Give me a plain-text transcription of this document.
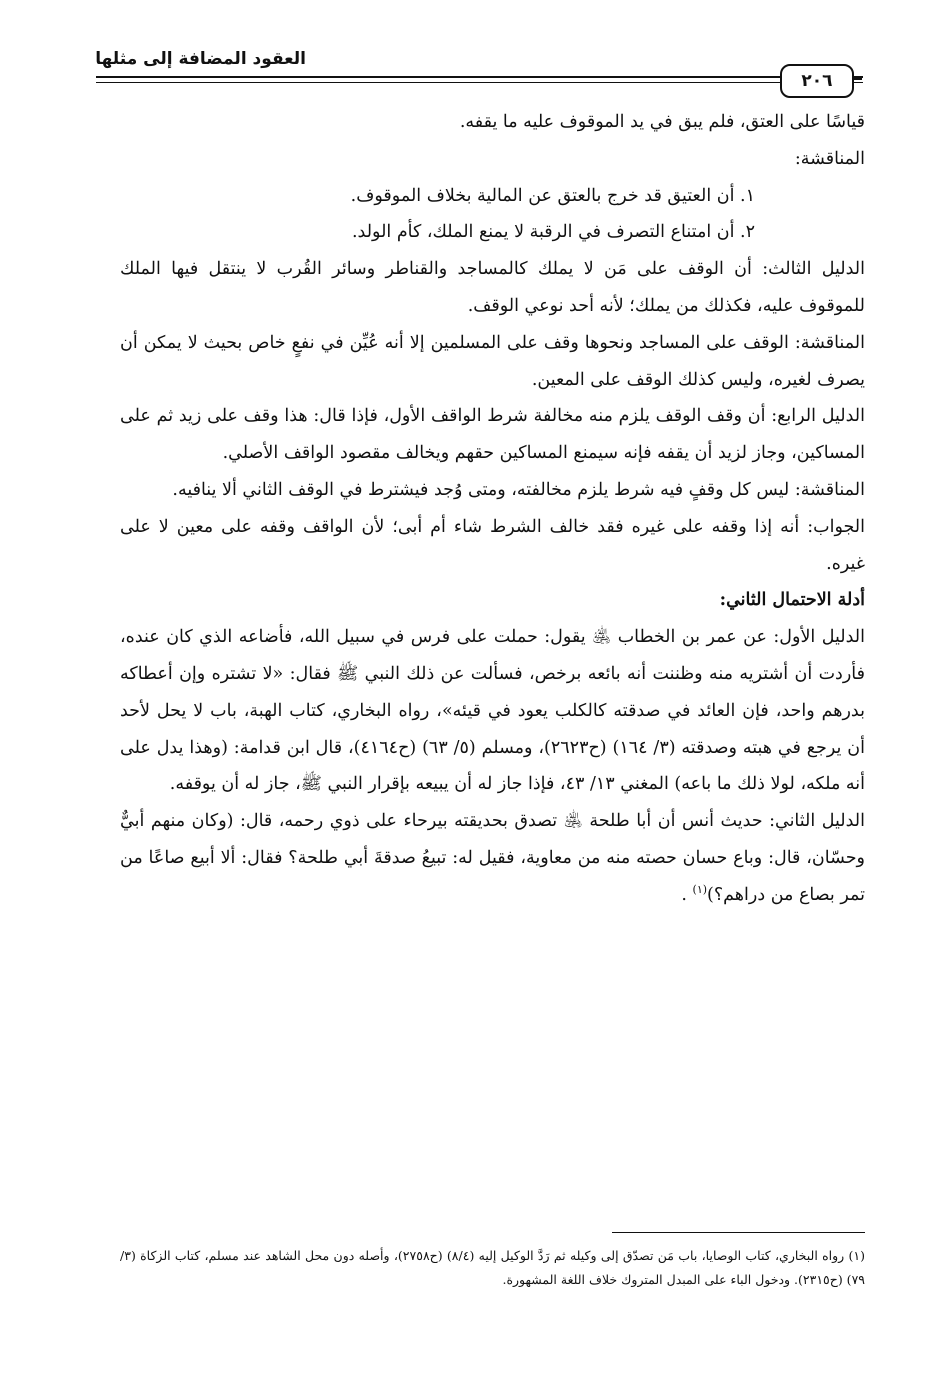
العقود المضافة إلى مثلها
٢٠٦

قياسًا على العتق، فلم يبق في يد الموقوف عليه ما يقفه.

المناقشة:

١. أن العتيق قد خرج بالعتق عن المالية بخلاف الموقوف.

٢. أن امتناع التصرف في الرقبة لا يمنع الملك، كأم الولد.

الدليل الثالث: أن الوقف على مَن لا يملك كالمساجد والقناطر وسائر القُرب لا ينتقل فيها الملك للموقوف عليه، فكذلك من يملك؛ لأنه أحد نوعي الوقف.

المناقشة: الوقف على المساجد ونحوها وقف على المسلمين إلا أنه عُيِّن في نفعٍ خاص بحيث لا يمكن أن يصرف لغيره، وليس كذلك الوقف على المعين.

الدليل الرابع: أن وقف الوقف يلزم منه مخالفة شرط الواقف الأول، فإذا قال: هذا وقف على زيد ثم على المساكين، وجاز لزيد أن يقفه فإنه سيمنع المساكين حقهم ويخالف مقصود الواقف الأصلي.

المناقشة: ليس كل وقفٍ فيه شرط يلزم مخالفته، ومتى وُجد فيشترط في الوقف الثاني ألا ينافيه.

الجواب: أنه إذا وقفه على غيره فقد خالف الشرط شاء أم أبى؛ لأن الواقف وقفه على معين لا على غيره.

أدلة الاحتمال الثاني:

الدليل الأول: عن عمر بن الخطاب ﵁ يقول: حملت على فرس في سبيل الله، فأضاعه الذي كان عنده، فأردت أن أشتريه منه وظننت أنه بائعه برخص، فسألت عن ذلك النبي ﷺ فقال: «لا تشتره وإن أعطاكه بدرهم واحد، فإن العائد في صدقته كالكلب يعود في قيئه»، رواه البخاري، كتاب الهبة، باب لا يحل لأحد أن يرجع في هبته وصدقته (٣/ ١٦٤) (ح٢٦٢٣)، ومسلم (٥/ ٦٣) (ح٤١٦٤)، قال ابن قدامة: (وهذا يدل على أنه ملكه، لولا ذلك ما باعه) المغني ١٣/ ٤٣، فإذا جاز له أن يبيعه بإقرار النبي ﷺ، جاز له أن يوقفه.

الدليل الثاني: حديث أنس أن أبا طلحة ﵁ تصدق بحديقته بيرحاء على ذوي رحمه، قال: (وكان منهم أبيٌّ وحسّان، قال: وباع حسان حصته منه من معاوية، فقيل له: تبيعُ صدقةَ أبي طلحة؟ فقال: ألا أبيع صاعًا من تمر بصاع من دراهم؟)$^{(١)}$ .

(١) رواه البخاري، كتاب الوصايا، باب مَن تصدّق إلى وكيله ثم رَدَّ الوكيل إليه (٨/٤) (ح٢٧٥٨)، وأصله دون محل الشاهد عند مسلم، كتاب الزكاة (٣/ ٧٩) (ح٢٣١٥). ودخول الباء على المبدل المتروك خلاف اللغة المشهورة.
